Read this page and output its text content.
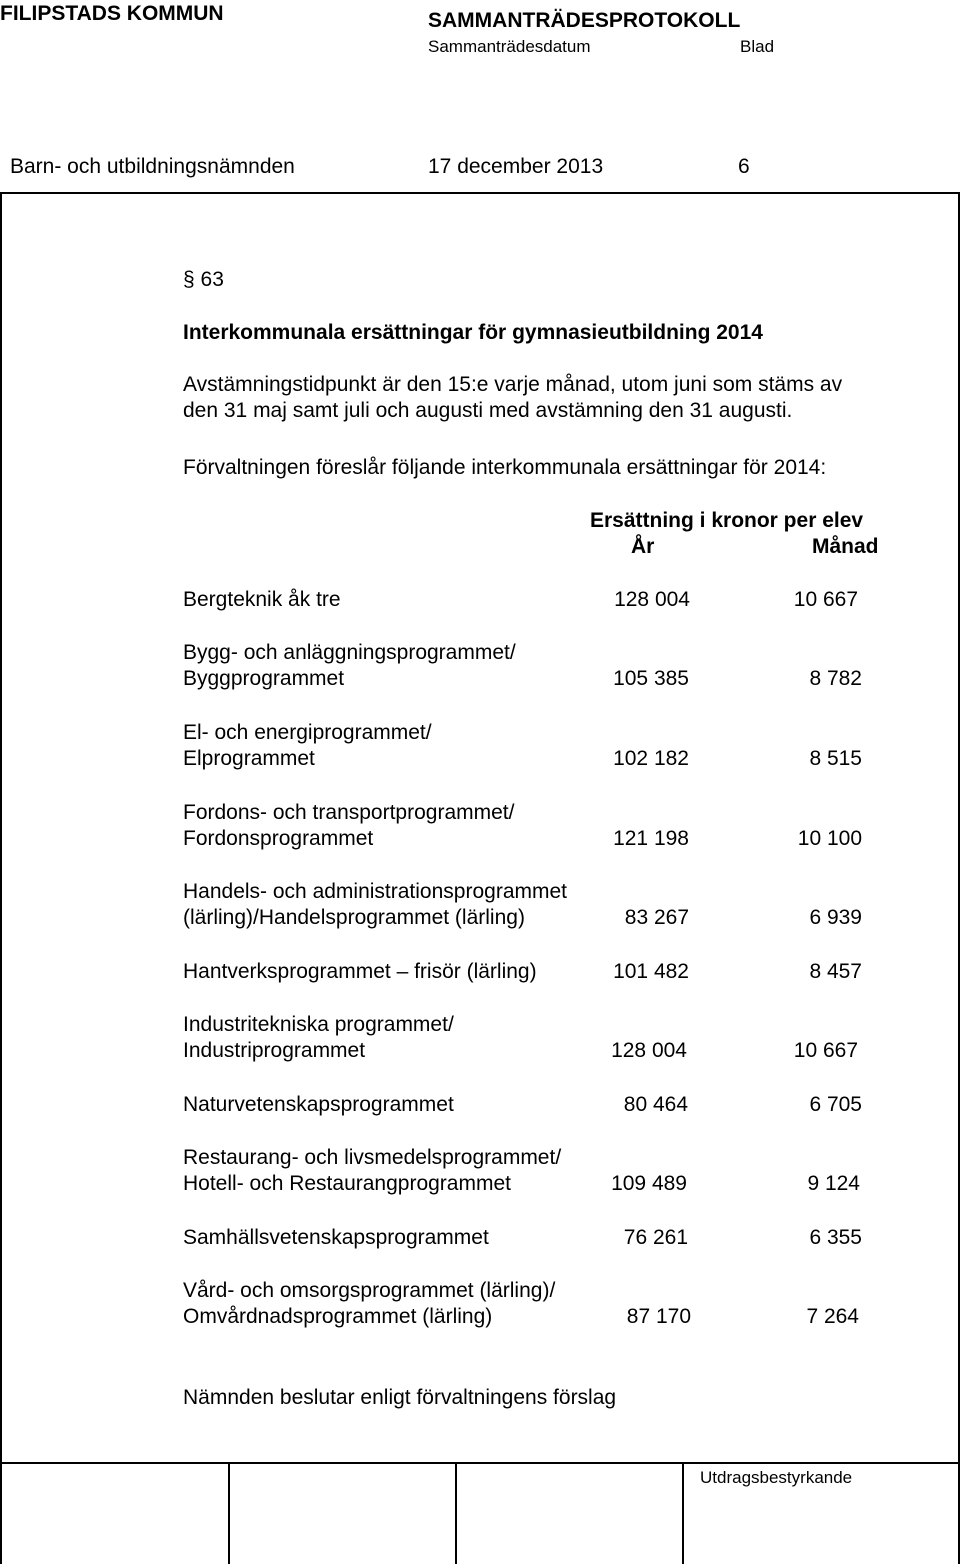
FILIPSTADS KOMMUN	SAMMANTRÄDESPROTOKOLL
Sammanträdesdatum	Blad
Barn- och utbildningsnämnden	17 december 2013	6
§ 63
Interkommunala ersättningar för gymnasieutbildning 2014
Avstämningstidpunkt är den 15:e varje månad, utom juni som stäms av
den 31 maj samt juli och augusti med avstämning den 31 augusti.
Förvaltningen föreslår följande interkommunala ersättningar för 2014:
Ersättning i kronor per elev
År	Månad
Bergteknik åk tre	128 004	10 667
Bygg- och anläggningsprogrammet/
Byggprogrammet	105 385	8 782
El- och energiprogrammet/
Elprogrammet	102 182	8 515
Fordons- och transportprogrammet/
Fordonsprogrammet	121 198	10 100
Handels- och administrationsprogrammet
(lärling)/Handelsprogrammet (lärling)	83 267	6 939
Hantverksprogrammet – frisör (lärling)	101 482	8 457
Industritekniska programmet/
Industriprogrammet	128 004	10 667
Naturvetenskapsprogrammet	80 464	6 705
Restaurang- och livsmedelsprogrammet/
Hotell- och Restaurangprogrammet	109 489	9 124
Samhällsvetenskapsprogrammet	76 261	6 355
Vård- och omsorgsprogrammet (lärling)/
Omvårdnadsprogrammet (lärling)	87 170	7 264
Nämnden beslutar enligt förvaltningens förslag
Utdragsbestyrkande
